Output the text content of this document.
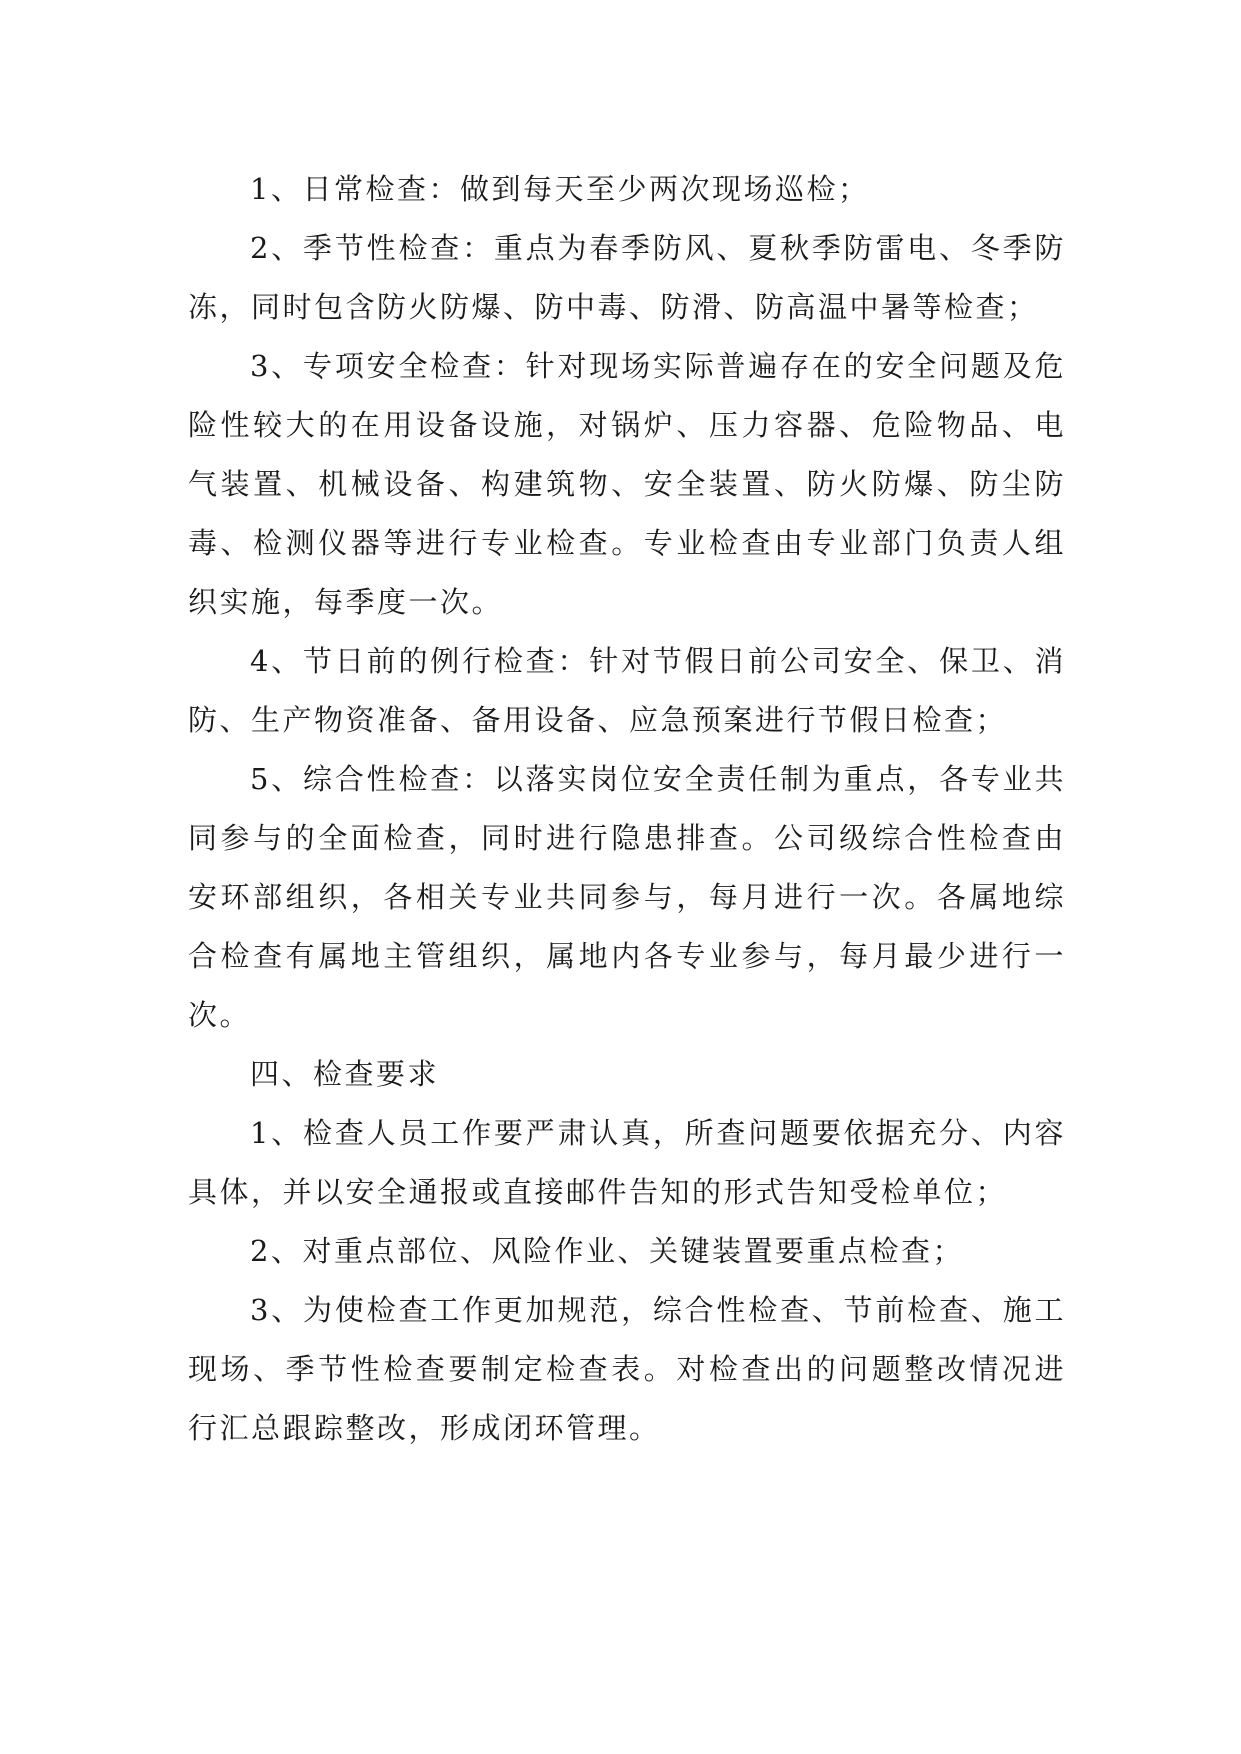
1、日常检查：做到每天至少两次现场巡检；

2、季节性检查：重点为春季防风、夏秋季防雷电、冬季防冻，同时包含防火防爆、防中毒、防滑、防高温中暑等检查；

3、专项安全检查：针对现场实际普遍存在的安全问题及危险性较大的在用设备设施，对锅炉、压力容器、危险物品、电气装置、机械设备、构建筑物、安全装置、防火防爆、防尘防毒、检测仪器等进行专业检查。专业检查由专业部门负责人组织实施，每季度一次。

4、节日前的例行检查：针对节假日前公司安全、保卫、消防、生产物资准备、备用设备、应急预案进行节假日检查；

5、综合性检查：以落实岗位安全责任制为重点，各专业共同参与的全面检查，同时进行隐患排查。公司级综合性检查由安环部组织，各相关专业共同参与，每月进行一次。各属地综合检查有属地主管组织，属地内各专业参与，每月最少进行一次。

四、检查要求

1、检查人员工作要严肃认真，所查问题要依据充分、内容具体，并以安全通报或直接邮件告知的形式告知受检单位；

2、对重点部位、风险作业、关键装置要重点检查；

3、为使检查工作更加规范，综合性检查、节前检查、施工现场、季节性检查要制定检查表。对检查出的问题整改情况进行汇总跟踪整改，形成闭环管理。
